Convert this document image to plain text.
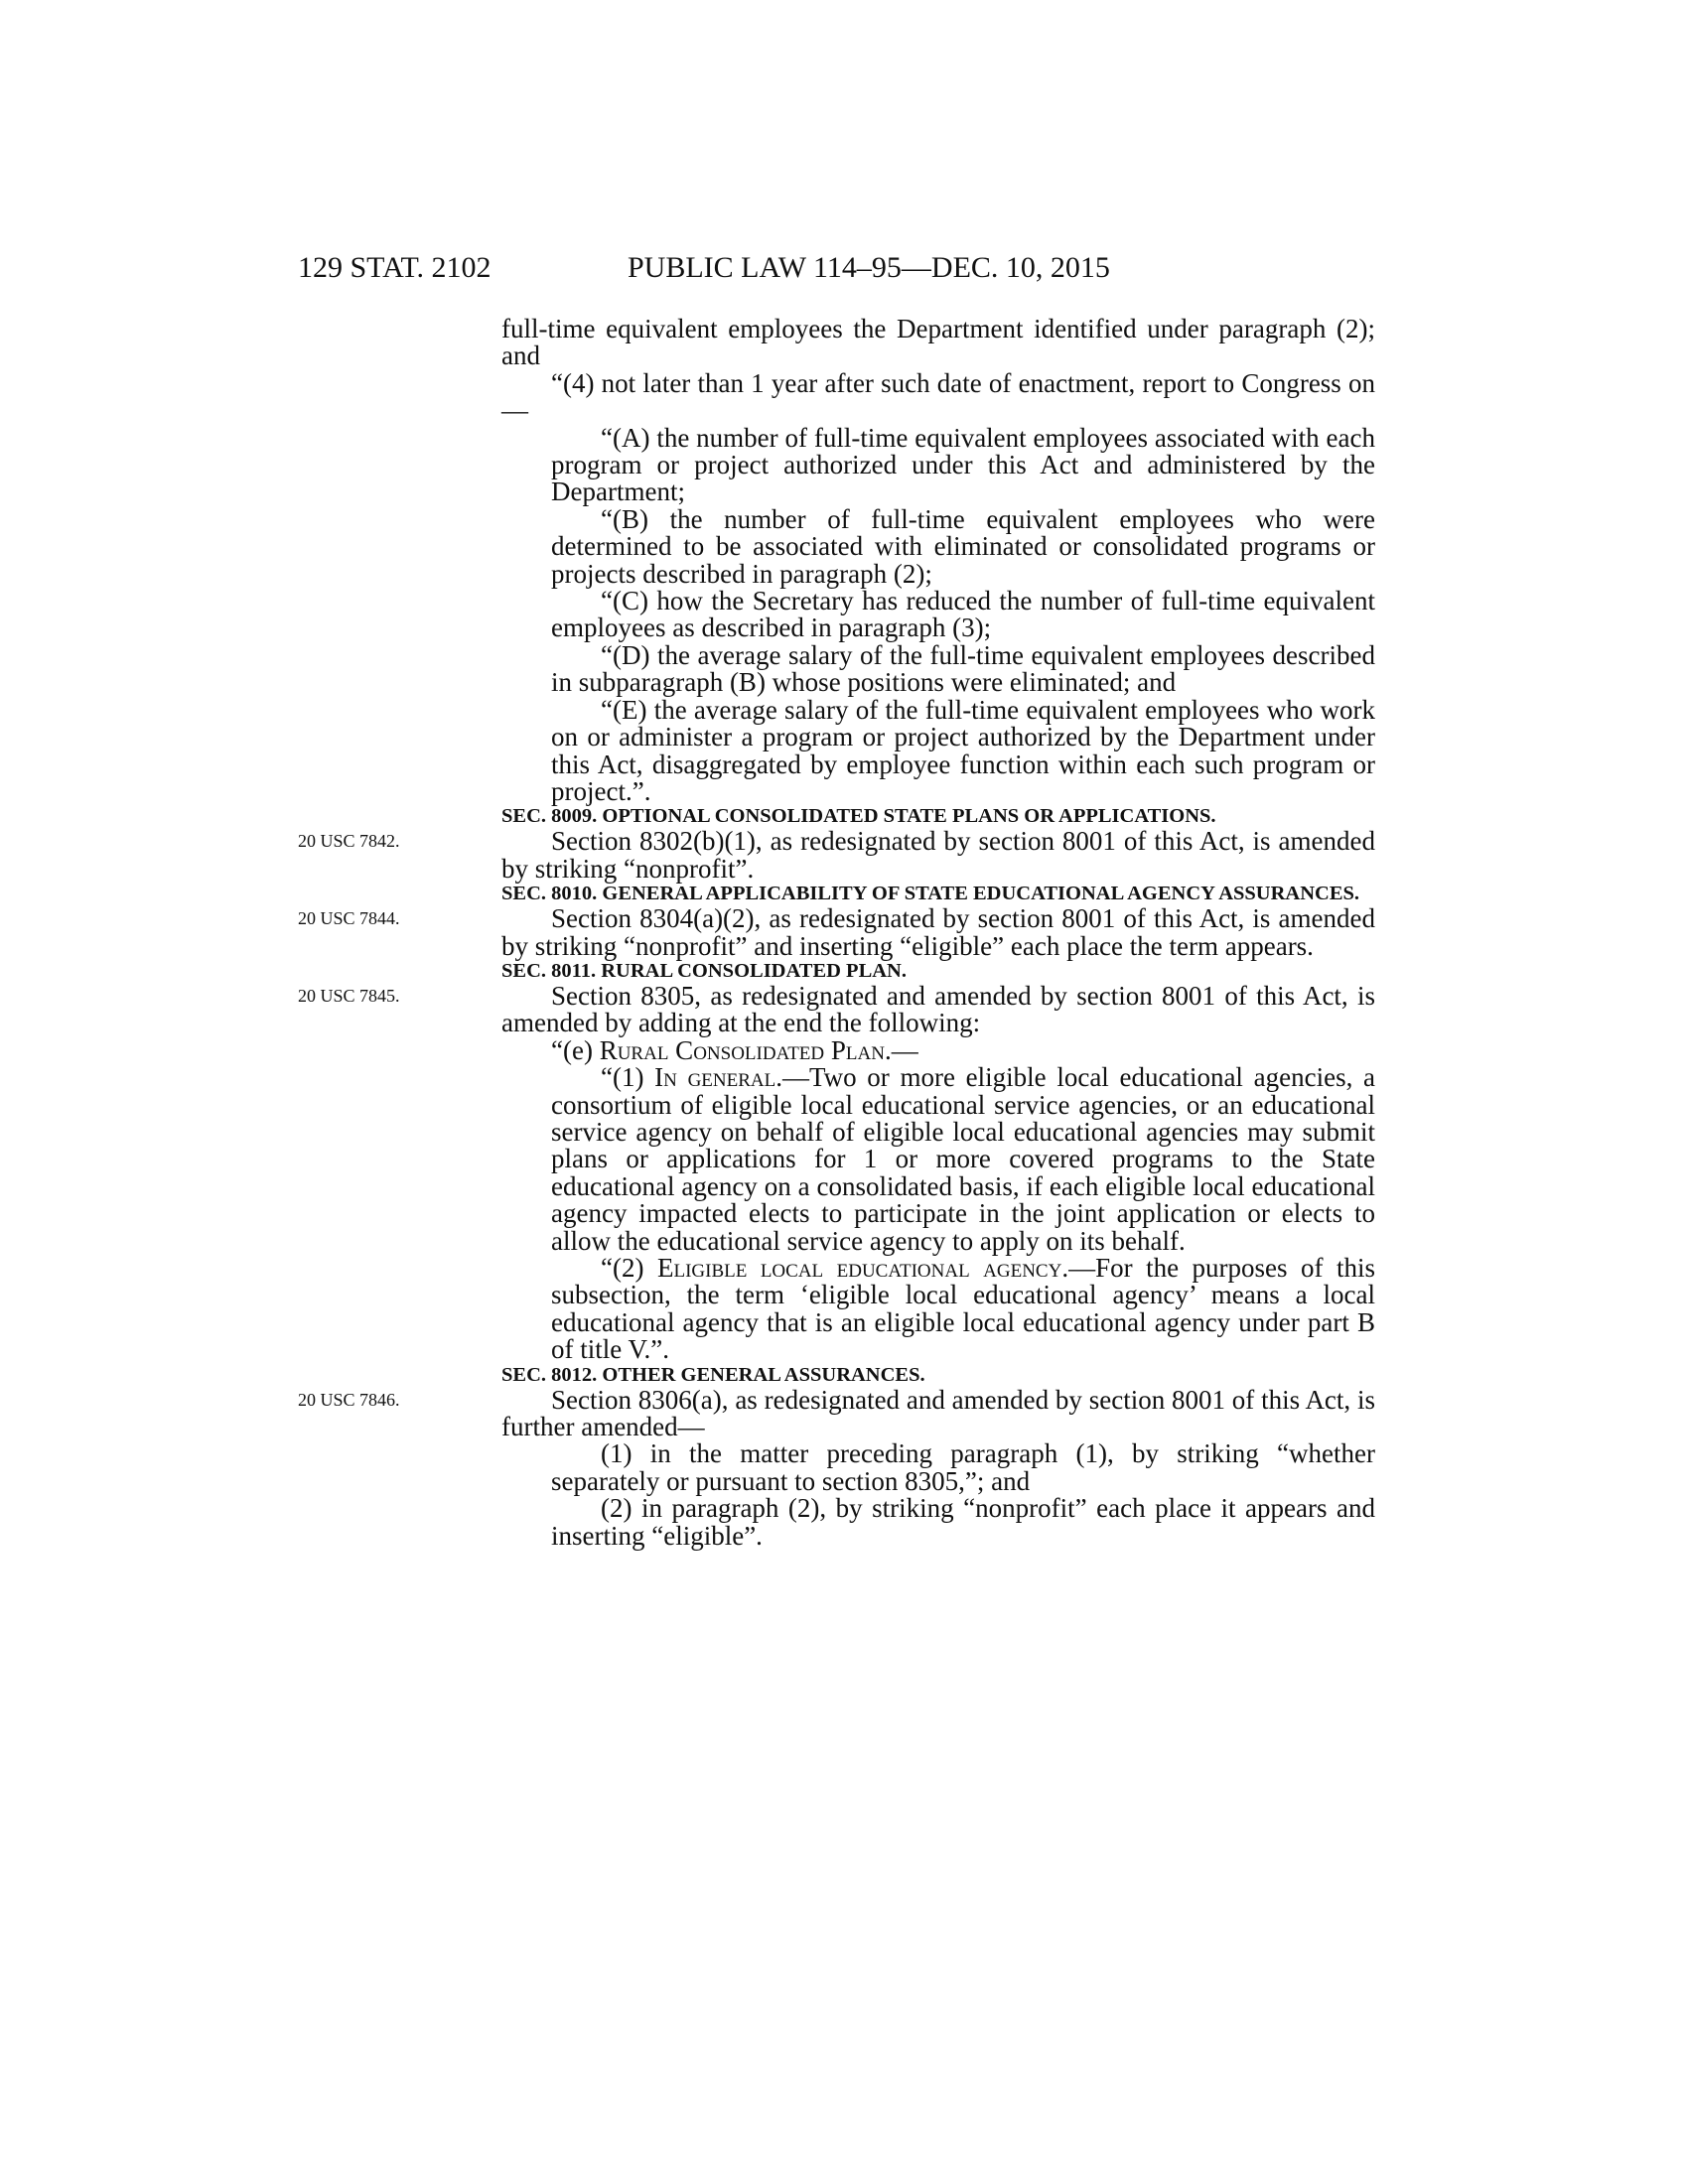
129 STAT. 2102	PUBLIC LAW 114–95—DEC. 10, 2015

full-time equivalent employees the Department identified under paragraph (2); and

“(4) not later than 1 year after such date of enactment, report to Congress on—

“(A) the number of full-time equivalent employees associated with each program or project authorized under this Act and administered by the Department;

“(B) the number of full-time equivalent employees who were determined to be associated with eliminated or consolidated programs or projects described in paragraph (2);

“(C) how the Secretary has reduced the number of full-time equivalent employees as described in paragraph (3);

“(D) the average salary of the full-time equivalent employees described in subparagraph (B) whose positions were eliminated; and

“(E) the average salary of the full-time equivalent employees who work on or administer a program or project authorized by the Department under this Act, disaggregated by employee function within each such program or project.”.

SEC. 8009. OPTIONAL CONSOLIDATED STATE PLANS OR APPLICATIONS.

20 USC 7842.	Section 8302(b)(1), as redesignated by section 8001 of this Act, is amended by striking “nonprofit”.

SEC. 8010. GENERAL APPLICABILITY OF STATE EDUCATIONAL AGENCY ASSURANCES.

20 USC 7844.	Section 8304(a)(2), as redesignated by section 8001 of this Act, is amended by striking “nonprofit” and inserting “eligible” each place the term appears.

SEC. 8011. RURAL CONSOLIDATED PLAN.

20 USC 7845.	Section 8305, as redesignated and amended by section 8001 of this Act, is amended by adding at the end the following:

“(e) Rural Consolidated Plan.—

“(1) In general.—Two or more eligible local educational agencies, a consortium of eligible local educational service agencies, or an educational service agency on behalf of eligible local educational agencies may submit plans or applications for 1 or more covered programs to the State educational agency on a consolidated basis, if each eligible local educational agency impacted elects to participate in the joint application or elects to allow the educational service agency to apply on its behalf.

“(2) Eligible local educational agency.—For the purposes of this subsection, the term ‘eligible local educational agency’ means a local educational agency that is an eligible local educational agency under part B of title V.”.

SEC. 8012. OTHER GENERAL ASSURANCES.

20 USC 7846.	Section 8306(a), as redesignated and amended by section 8001 of this Act, is further amended—

(1) in the matter preceding paragraph (1), by striking “whether separately or pursuant to section 8305,”; and

(2) in paragraph (2), by striking “nonprofit” each place it appears and inserting “eligible”.
